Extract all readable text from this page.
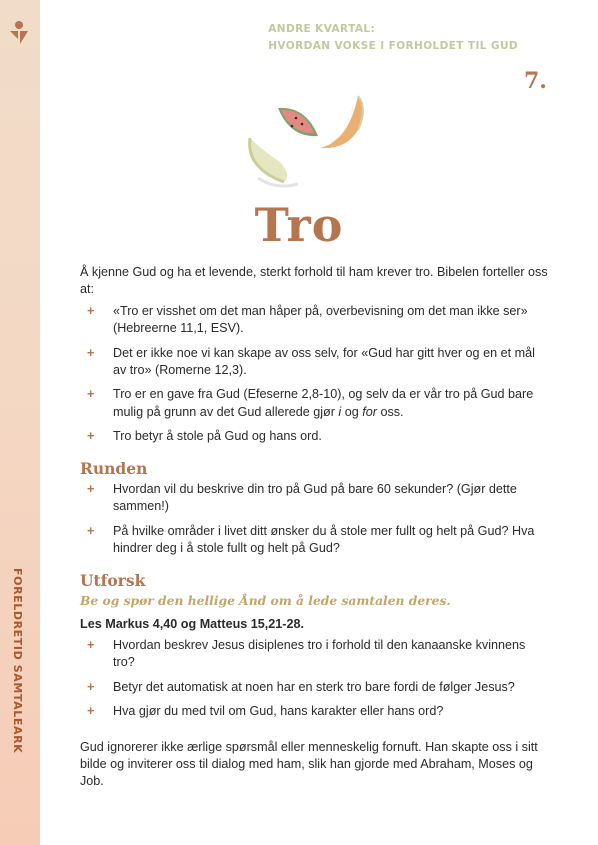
FORELDRETID SAMTALEARK
ANDRE KVARTAL:
HVORDAN VOKSE I FORHOLDET TIL GUD
7.
Tro

Å kjenne Gud og ha et levende, sterkt forhold til ham krever tro. Bibelen forteller oss at:

+ «Tro er visshet om det man håper på, overbevisning om det man ikke ser» (Hebreerne 11,1, ESV).
+ Det er ikke noe vi kan skape av oss selv, for «Gud har gitt hver og en et mål av tro» (Romerne 12,3).
+ Tro er en gave fra Gud (Efeserne 2,8-10), og selv da er vår tro på Gud bare mulig på grunn av det Gud allerede gjør i og for oss.
+ Tro betyr å stole på Gud og hans ord.
Runden
+ Hvordan vil du beskrive din tro på Gud på bare 60 sekunder? (Gjør dette sammen!)
+ På hvilke områder i livet ditt ønsker du å stole mer fullt og helt på Gud? Hva hindrer deg i å stole fullt og helt på Gud?
Utforsk

Be og spør den hellige Ånd om å lede samtalen deres.

Les Markus 4,40 og Matteus 15,21-28.

+ Hvordan beskrev Jesus disiplenes tro i forhold til den kanaanske kvinnens tro?
+ Betyr det automatisk at noen har en sterk tro bare fordi de følger Jesus?
+ Hva gjør du med tvil om Gud, hans karakter eller hans ord?

Gud ignorerer ikke ærlige spørsmål eller menneskelig fornuft. Han skapte oss i sitt bilde og inviterer oss til dialog med ham, slik han gjorde med Abraham, Moses og Job.
